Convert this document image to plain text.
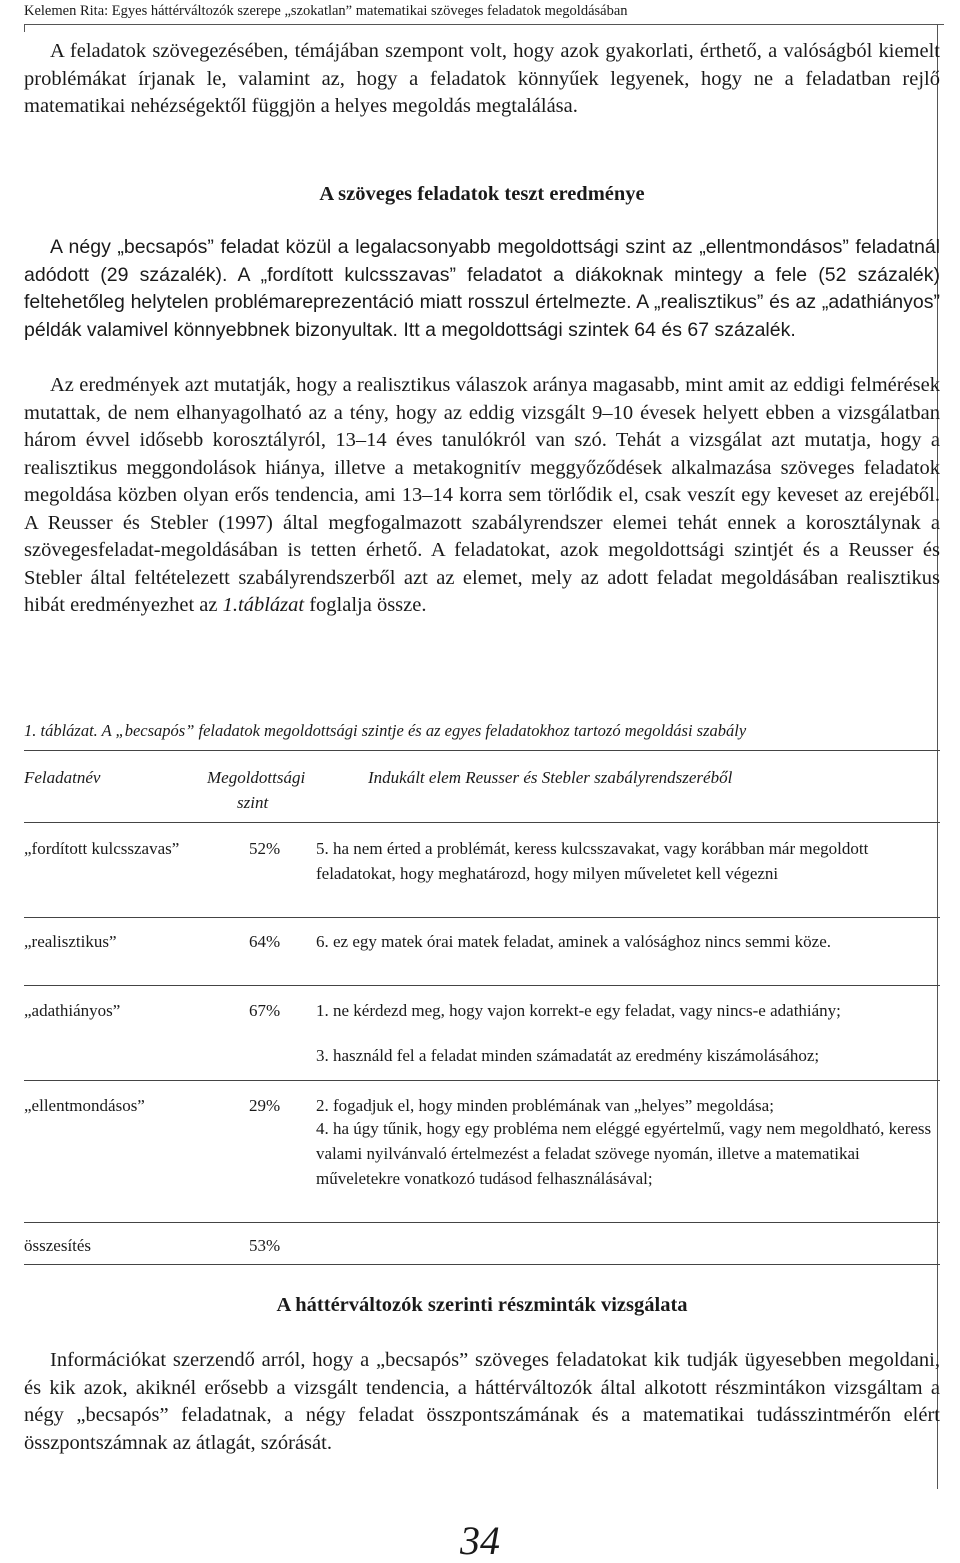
Kelemen Rita: Egyes háttérváltozók szerepe „szokatlan” matematikai szöveges feladatok megoldásában

A feladatok szövegezésében, témájában szempont volt, hogy azok gyakorlati, érthető, a valóságból kiemelt problémákat írjanak le, valamint az, hogy a feladatok könnyűek legyenek, hogy ne a feladatban rejlő matematikai nehézségektől függjön a helyes megoldás megtalálása.

A szöveges feladatok teszt eredménye

A négy „becsapós” feladat közül a legalacsonyabb megoldottsági szint az „ellentmondásos” feladatnál adódott (29 százalék). A „fordított kulcsszavas” feladatot a diákoknak mintegy a fele (52 százalék) feltehetőleg helytelen problémareprezentáció miatt rosszul értelmezte. A „realisztikus” és az „adathiányos” példák valamivel könnyebbnek bizonyultak. Itt a megoldottsági szintek 64 és 67 százalék.

Az eredmények azt mutatják, hogy a realisztikus válaszok aránya magasabb, mint amit az eddigi felmérések mutattak, de nem elhanyagolható az a tény, hogy az eddig vizsgált 9–10 évesek helyett ebben a vizsgálatban három évvel idősebb korosztályról, 13–14 éves tanulókról van szó. Tehát a vizsgálat azt mutatja, hogy a realisztikus meggondolások hiánya, illetve a metakognitív meggyőződések alkalmazása szöveges feladatok megoldása közben olyan erős tendencia, ami 13–14 korra sem törlődik el, csak veszít egy keveset az erejéből. A Reusser és Stebler (1997) által megfogalmazott szabályrendszer elemei tehát ennek a korosztálynak a szövegesfeladat-megoldásában is tetten érhető. A feladatokat, azok megoldottsági szintjét és a Reusser és Stebler által feltételezett szabályrendszerből azt az elemet, mely az adott feladat megoldásában realisztikus hibát eredményezhet az 1.táblázat foglalja össze.

1. táblázat. A „becsapós” feladatok megoldottsági szintje és az egyes feladatokhoz tartozó megoldási szabály
Feladatnév	Megoldottsági
szint
Indukált elem Reusser és Stebler szabályrendszeréből
„fordított kulcsszavas”	52% 5. ha nem érted a problémát, keress kulcsszavakat, vagy korábban már megoldott feladatokat, hogy meghatározd, hogy milyen műveletet kell végezni
„realisztikus”	64% 6. ez egy matek órai matek feladat, aminek a valósághoz nincs semmi köze.
„adathiányos”	67% 1. ne kérdezd meg, hogy vajon korrekt-e egy feladat, vagy nincs-e adathiány;
3. használd fel a feladat minden számadatát az eredmény kiszámolásához;
„ellentmondásos”	29% 2. fogadjuk el, hogy minden problémának van „helyes” megoldása;
4. ha úgy tűnik, hogy egy probléma nem eléggé egyértelmű, vagy nem megoldható, keress valami nyilvánvaló értelmezést a feladat szövege nyomán, illetve a matematikai műveletekre vonatkozó tudásod felhasználásával;
összesítés	53%
A háttérváltozók szerinti részminták vizsgálata

Információkat szerzendő arról, hogy a „becsapós” szöveges feladatokat kik tudják ügyesebben megoldani, és kik azok, akiknél erősebb a vizsgált tendencia, a háttérváltozók által alkotott részmintákon vizsgáltam a négy „becsapós” feladatnak, a négy feladat összpontszámának és a matematikai tudásszintmérőn elért összpontszámnak az átlagát, szórását.

34
